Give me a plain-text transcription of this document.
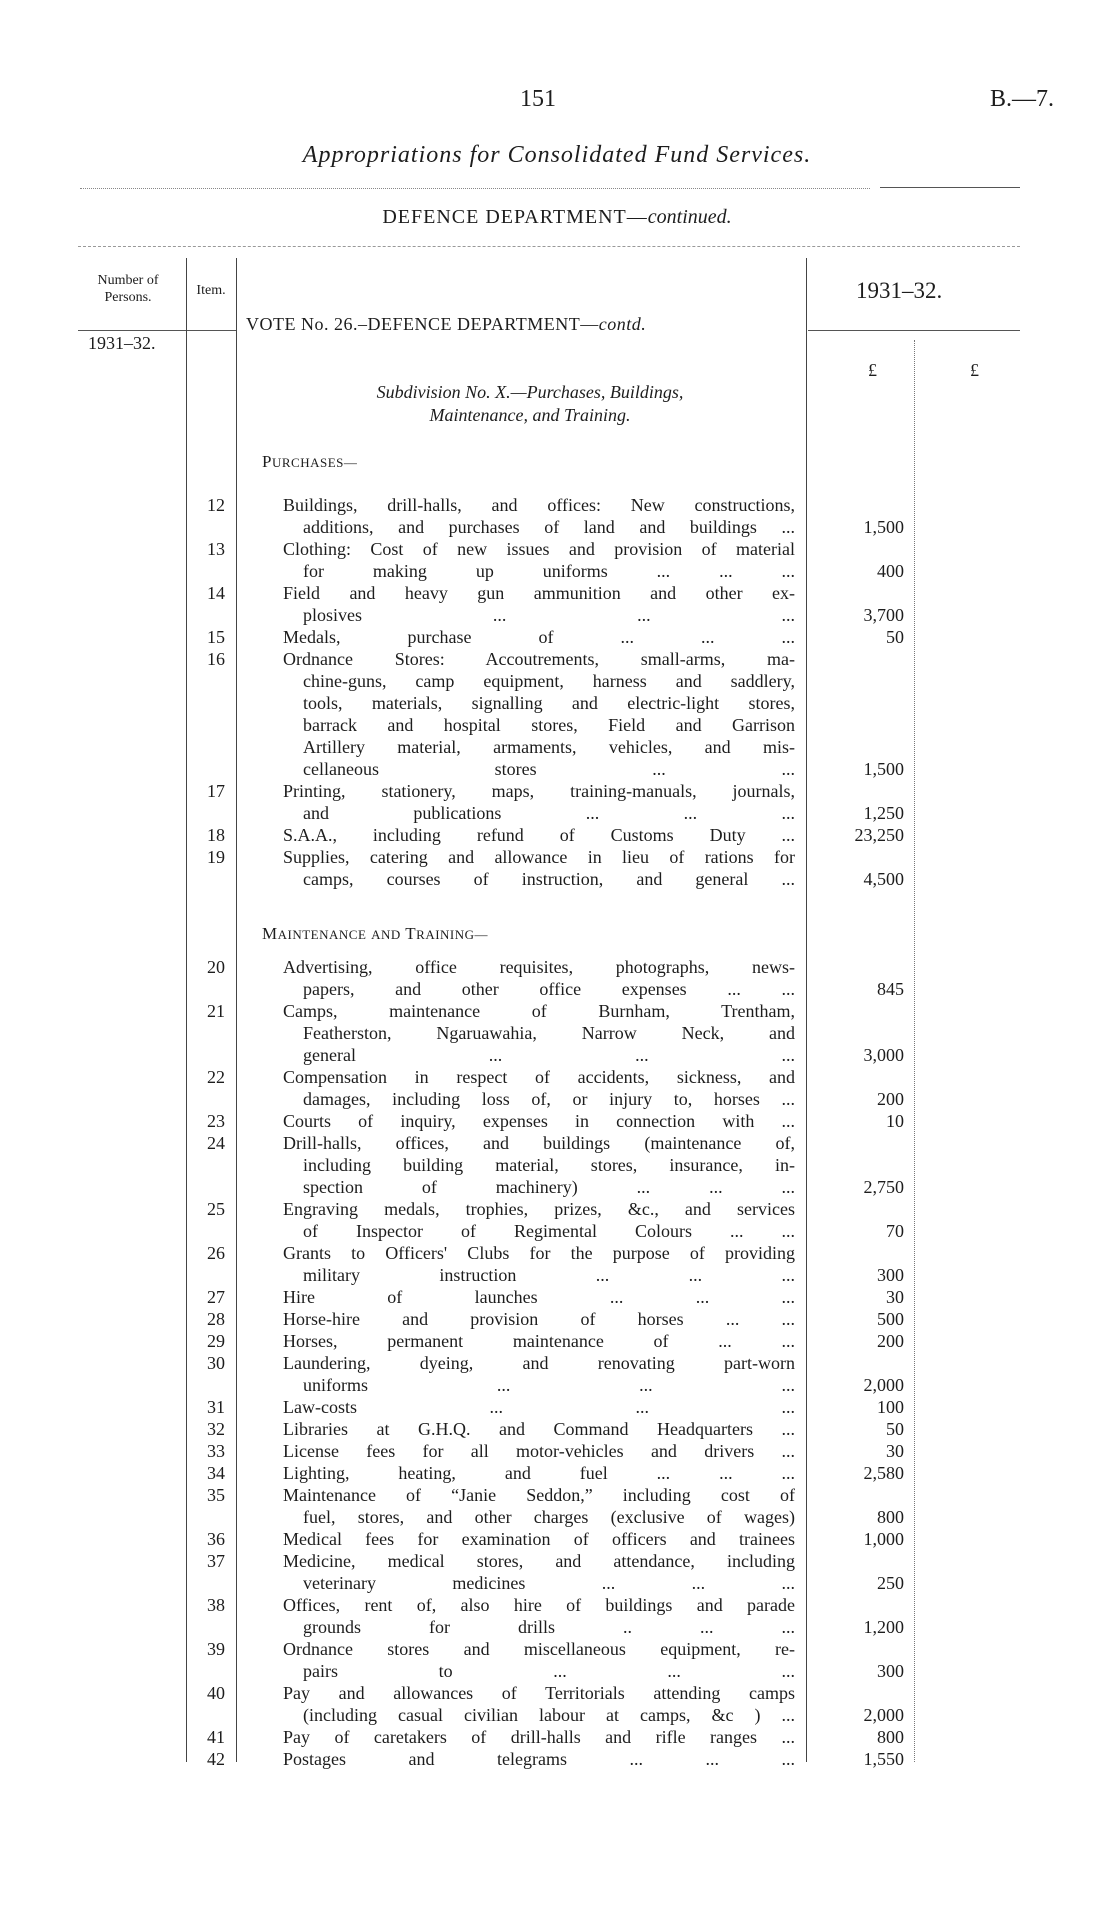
151	B.—7.
Appropriations for Consolidated Fund Services.
DEFENCE DEPARTMENT—continued.
Number of Persons.	Item.	1931–32.
VOTE No. 26.–DEFENCE DEPARTMENT—contd.
1931–32.
£	£
Subdivision No. X.—Purchases, Buildings,
Maintenance, and Training.
PURCHASES—
12	Buildings, drill-halls, and offices: New constructions,
additions, and purchases of land and buildings ...	1,500
13	Clothing: Cost of new issues and provision of material
for making up uniforms ... ... ...	400
14	Field and heavy gun ammunition and other ex-
plosives ... ... ...	3,700
15	Medals, purchase of ... ... ...	50
16	Ordnance Stores: Accoutrements, small-arms, ma-
chine-guns, camp equipment, harness and saddlery,
tools, materials, signalling and electric-light stores,
barrack and hospital stores, Field and Garrison
Artillery material, armaments, vehicles, and mis-
cellaneous stores ... ...	1,500
17	Printing, stationery, maps, training-manuals, journals,
and publications ... ... ...	1,250
18	S.A.A., including refund of Customs Duty ...	23,250
19	Supplies, catering and allowance in lieu of rations for
camps, courses of instruction, and general ...	4,500
MAINTENANCE AND TRAINING—
20	Advertising, office requisites, photographs, news-
papers, and other office expenses ... ...	845
21	Camps, maintenance of Burnham, Trentham,
Featherston, Ngaruawahia, Narrow Neck, and
general ... ... ...	3,000
22	Compensation in respect of accidents, sickness, and
damages, including loss of, or injury to, horses ...	200
23	Courts of inquiry, expenses in connection with ...	10
24	Drill-halls, offices, and buildings (maintenance of,
including building material, stores, insurance, in-
spection of machinery) ... ... ...	2,750
25	Engraving medals, trophies, prizes, &c., and services
of Inspector of Regimental Colours ... ...	70
26	Grants to Officers' Clubs for the purpose of providing
military instruction ... ... ...	300
27	Hire of launches ... ... ...	30
28	Horse-hire and provision of horses ... ...	500
29	Horses, permanent maintenance of ... ...	200
30	Laundering, dyeing, and renovating part-worn
uniforms ... ... ...	2,000
31	Law-costs ... ... ...	100
32	Libraries at G.H.Q. and Command Headquarters ...	50
33	License fees for all motor-vehicles and drivers ...	30
34	Lighting, heating, and fuel ... ... ...	2,580
35	Maintenance of “Janie Seddon,” including cost of
fuel, stores, and other charges (exclusive of wages)	800
36	Medical fees for examination of officers and trainees	1,000
37	Medicine, medical stores, and attendance, including
veterinary medicines ... ... ...	250
38	Offices, rent of, also hire of buildings and parade
grounds for drills .. ... ...	1,200
39	Ordnance stores and miscellaneous equipment, re-
pairs to ... ... ...	300
40	Pay and allowances of Territorials attending camps
(including casual civilian labour at camps, &c ) ...	2,000
41	Pay of caretakers of drill-halls and rifle ranges ...	800
42	Postages and telegrams ... ... ...	1,550
